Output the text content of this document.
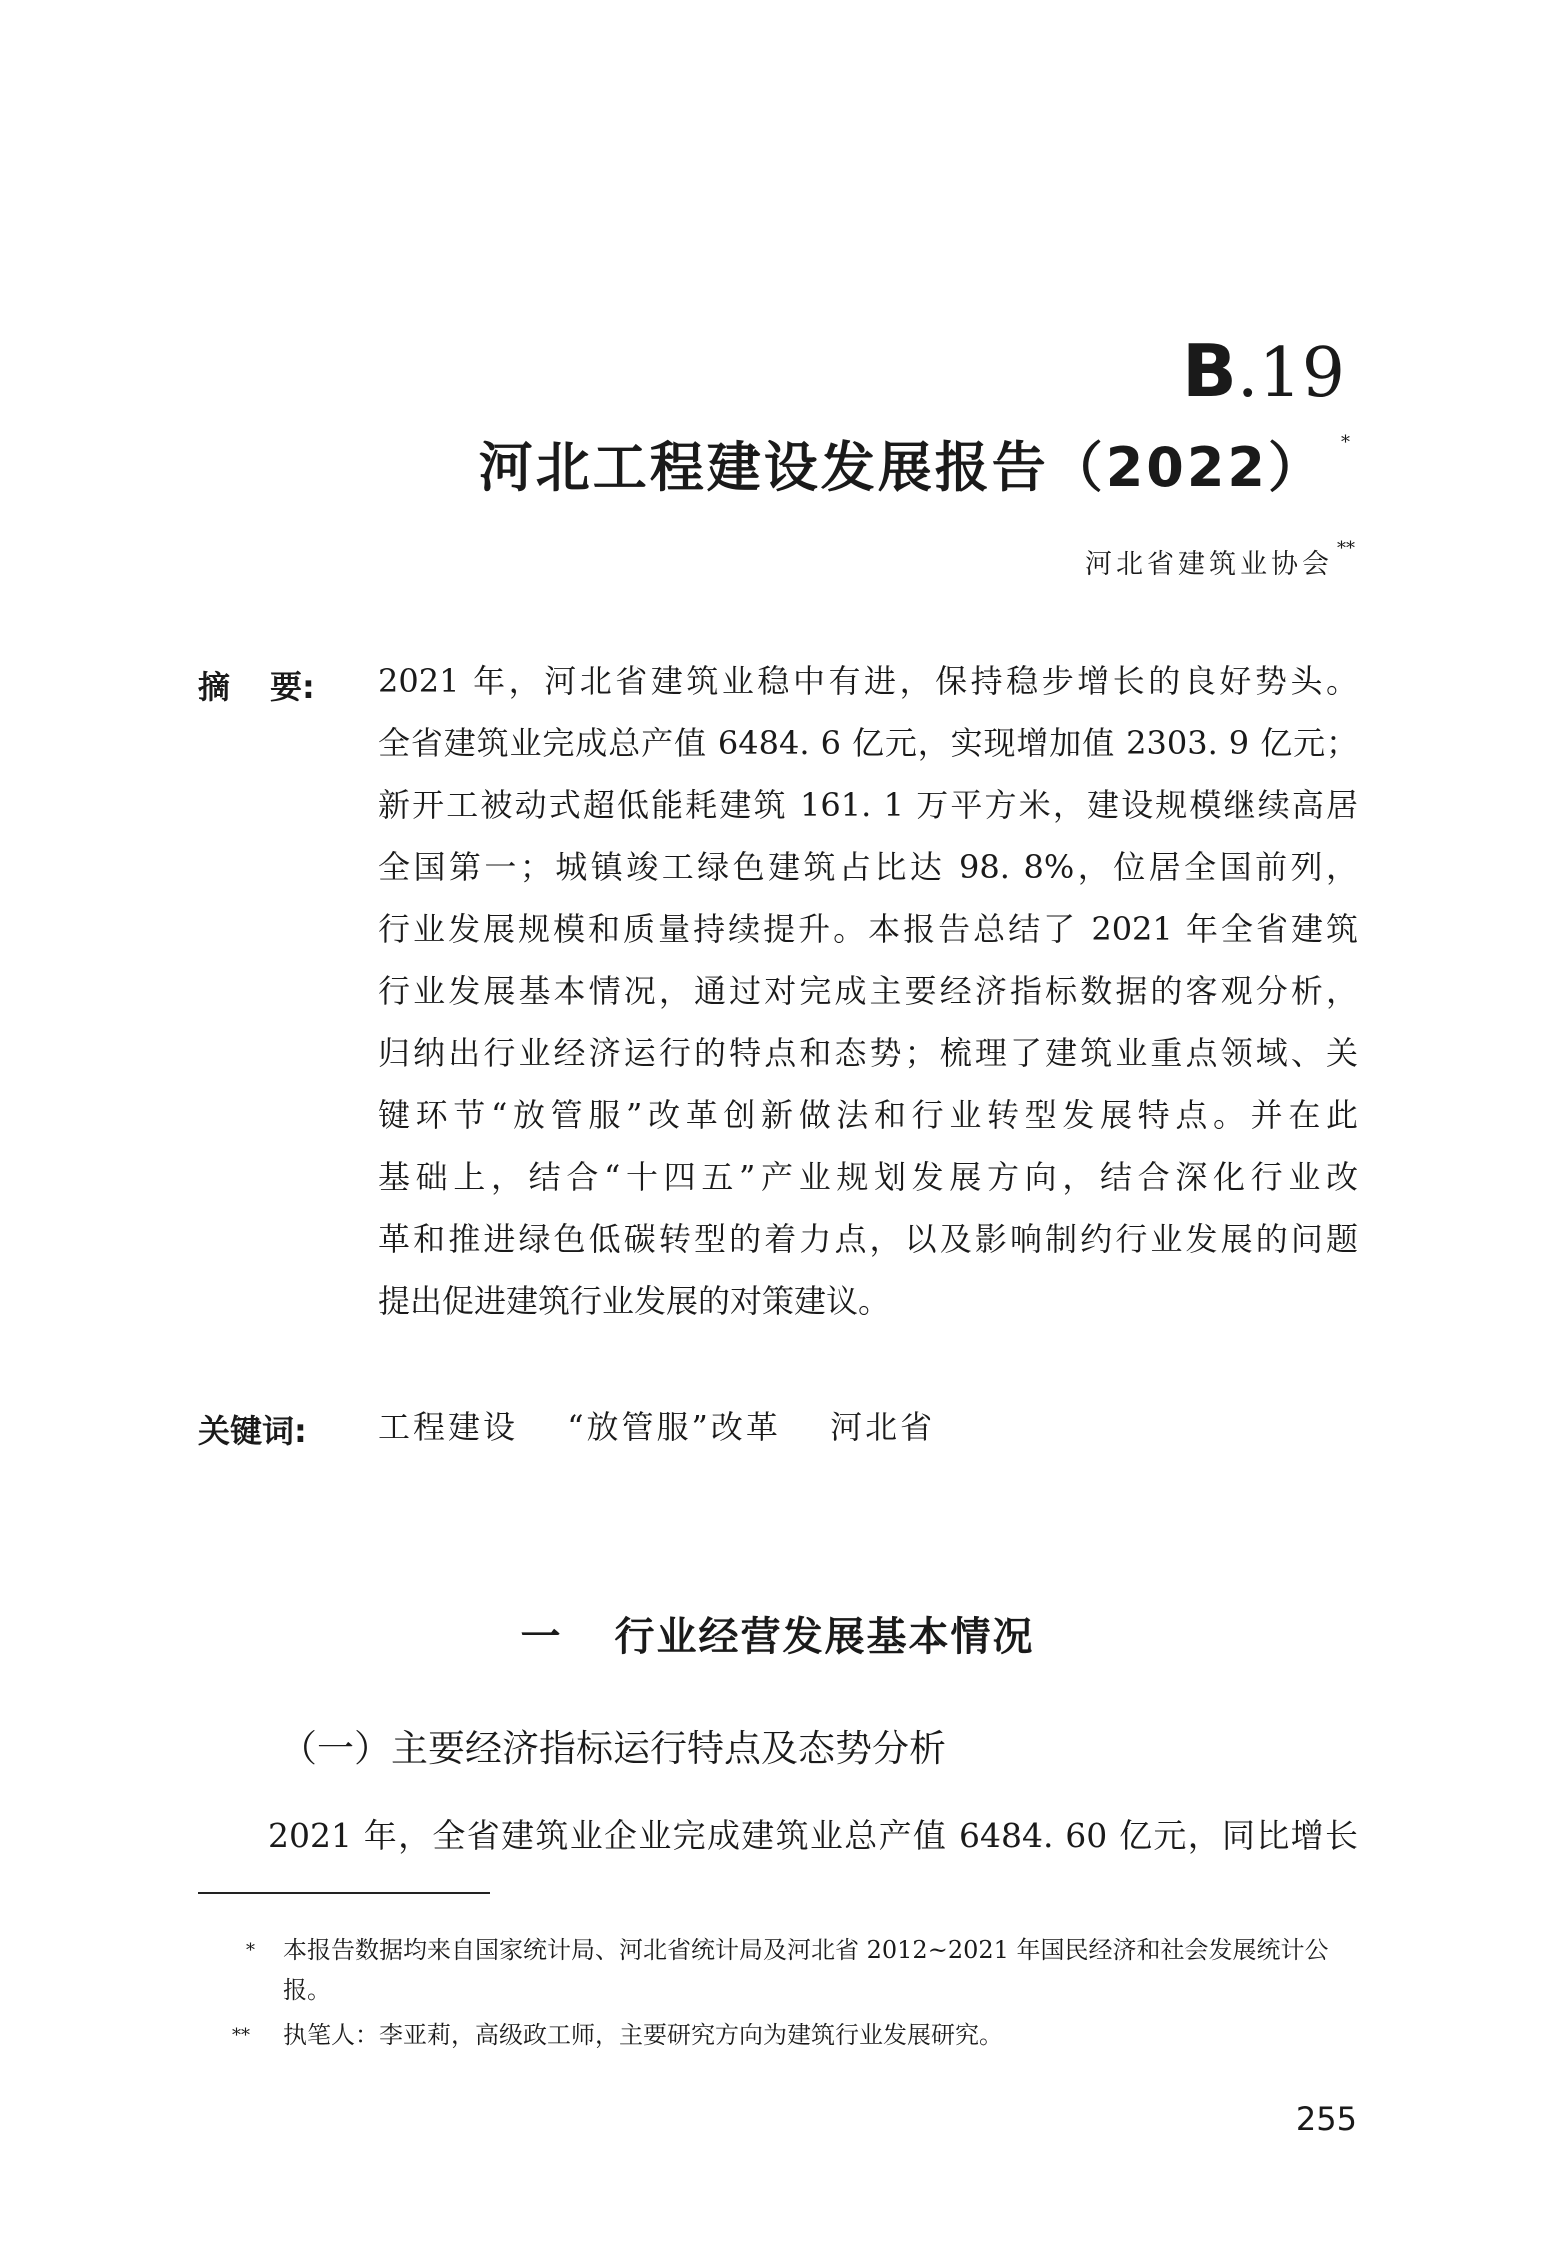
B.19
河北工程建设发展报告（2022） *
河北省建筑业协会
**
摘 要: 2021 年，河北省建筑业稳中有进，保持稳步增长的良好势头。
全省建筑业完成总产值 6484. 6 亿元，实现增加值 2303. 9 亿元；
新开工被动式超低能耗建筑 161. 1 万平方米，建设规模继续高居
全国第一；城镇竣工绿色建筑占比达 98. 8%，位居全国前列，
行业发展规模和质量持续提升。本报告总结了 2021 年全省建筑
行业发展基本情况，通过对完成主要经济指标数据的客观分析，
归纳出行业经济运行的特点和态势；梳理了建筑业重点领域、关
键环节“放管服”改革创新做法和行业转型发展特点。并在此
基础上，结合“十四五”产业规划发展方向，结合深化行业改
革和推进绿色低碳转型的着力点，以及影响制约行业发展的问题
提出促进建筑行业发展的对策建议。
关键词: 工程建设 “放管服”改革 河北省
一 行业经营发展基本情况
（一）主要经济指标运行特点及态势分析
2021 年，全省建筑业企业完成建筑业总产值 6484. 60 亿元，同比增长
* 本报告数据均来自国家统计局、河北省统计局及河北省 2012~2021 年国民经济和社会发展统计公报。
** 执笔人：李亚莉，高级政工师，主要研究方向为建筑行业发展研究。
255
